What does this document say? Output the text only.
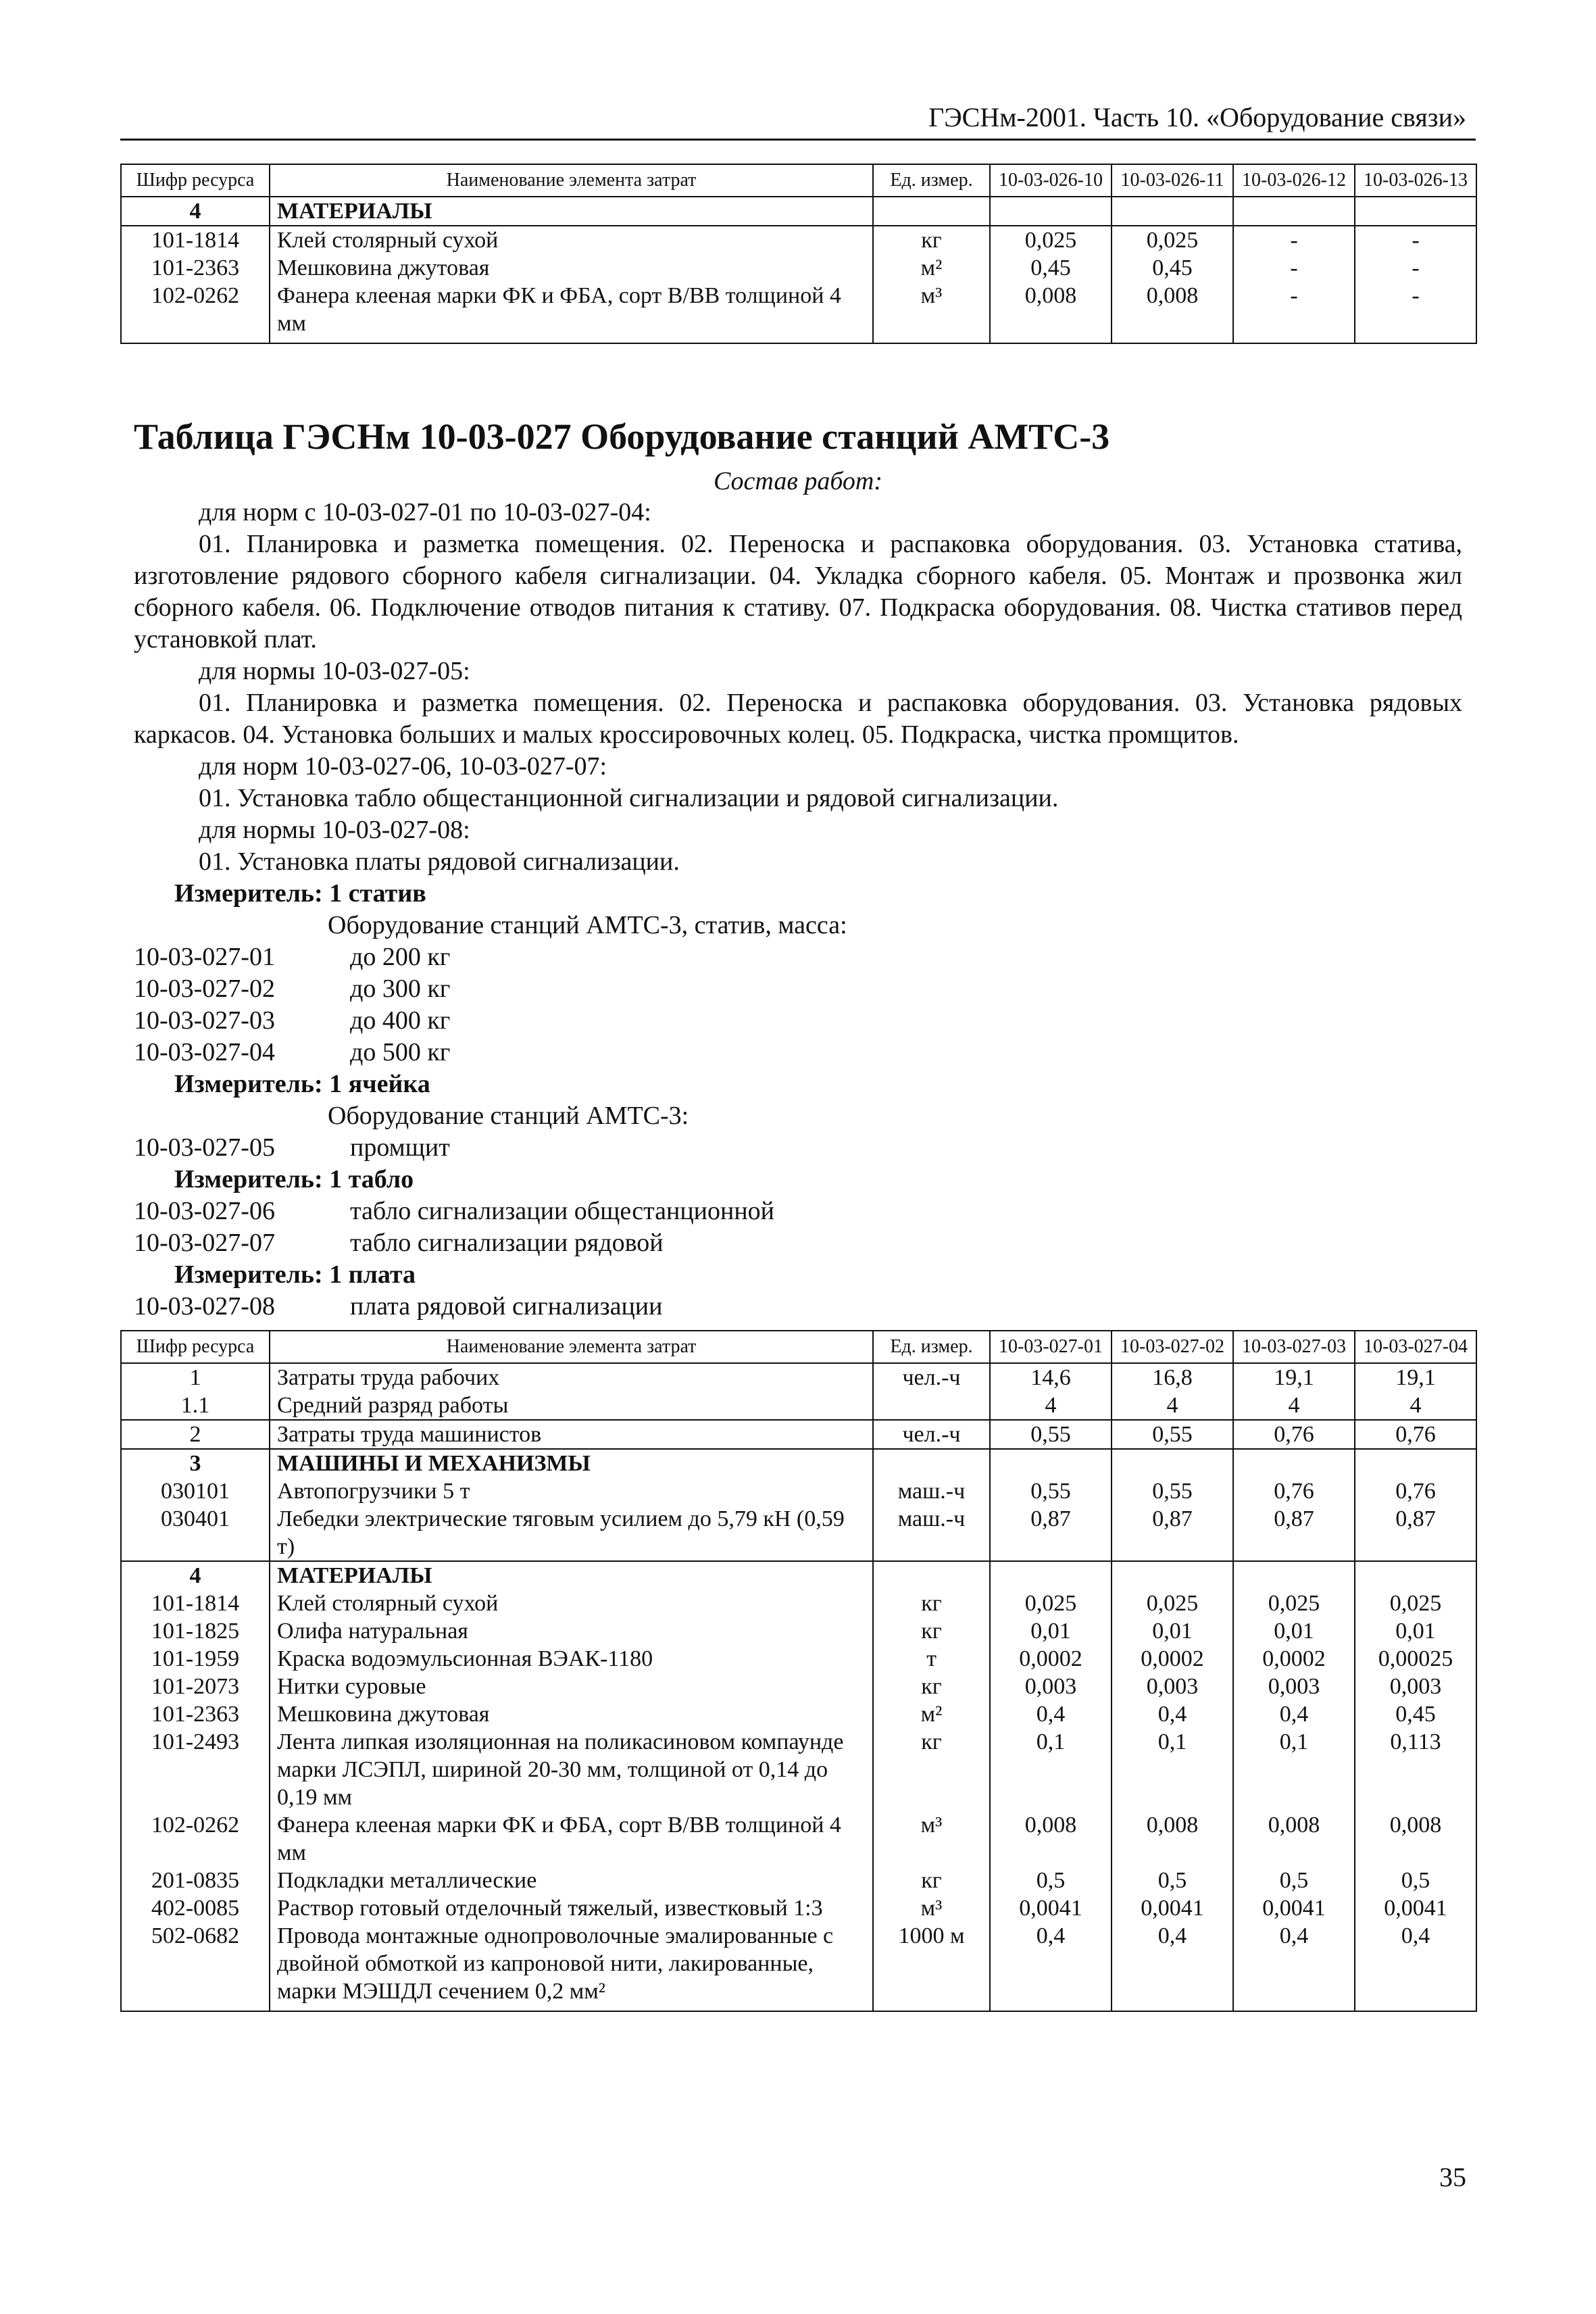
ГЭСНм-2001. Часть 10. «Оборудование связи»
Шифр ресурса	Наименование элемента затрат	Ед. измер.	10-03-026-10	10-03-026-11	10-03-026-12	10-03-026-13
4	МАТЕРИАЛЫ					
101-1814	Клей столярный сухой	кг	0,025	0,025	-	-
101-2363	Мешковина джутовая	м²	0,45	0,45	-	-
102-0262	Фанера клееная марки ФК и ФБА, сорт В/ВВ толщиной 4 мм	м³	0,008	0,008	-	-
Таблица ГЭСНм 10-03-027 Оборудование станций АМТС-3
Состав работ:

для норм с 10-03-027-01 по 10-03-027-04:

01. Планировка и разметка помещения. 02. Переноска и распаковка оборудования. 03. Установка статива, изготовление рядового сборного кабеля сигнализации. 04. Укладка сборного кабеля. 05. Монтаж и прозвонка жил сборного кабеля. 06. Подключение отводов питания к стативу. 07. Подкраска оборудования. 08. Чистка стативов перед установкой плат.

для нормы 10-03-027-05:

01. Планировка и разметка помещения. 02. Переноска и распаковка оборудования. 03. Установка рядовых каркасов. 04. Установка больших и малых кроссировочных колец. 05. Подкраска, чистка промщитов.

для норм 10-03-027-06, 10-03-027-07:

01. Установка табло общестанционной сигнализации и рядовой сигнализации.

для нормы 10-03-027-08:

01. Установка платы рядовой сигнализации.

Измеритель: 1 статив

Оборудование станций АМТС-3, статив, масса:

10-03-027-01	до 200 кг
10-03-027-02	до 300 кг
10-03-027-03	до 400 кг
10-03-027-04	до 500 кг

Измеритель: 1 ячейка

Оборудование станций АМТС-3:

10-03-027-05	промщит

Измеритель: 1 табло

10-03-027-06	табло сигнализации общестанционной
10-03-027-07	табло сигнализации рядовой

Измеритель: 1 плата

10-03-027-08	плата рядовой сигнализации
Шифр ресурса	Наименование элемента затрат	Ед. измер.	10-03-027-01	10-03-027-02	10-03-027-03	10-03-027-04
1	Затраты труда рабочих	чел.-ч	14,6	16,8	19,1	19,1
1.1	Средний разряд работы		4	4	4	4
2	Затраты труда машинистов	чел.-ч	0,55	0,55	0,76	0,76
3	МАШИНЫ И МЕХАНИЗМЫ					
030101	Автопогрузчики 5 т	маш.-ч	0,55	0,55	0,76	0,76
030401	Лебедки электрические тяговым усилием до 5,79 кН (0,59 т)	маш.-ч	0,87	0,87	0,87	0,87
4	МАТЕРИАЛЫ					
101-1814	Клей столярный сухой	кг	0,025	0,025	0,025	0,025
101-1825	Олифа натуральная	кг	0,01	0,01	0,01	0,01
101-1959	Краска водоэмульсионная ВЭАК-1180	т	0,0002	0,0002	0,0002	0,00025
101-2073	Нитки суровые	кг	0,003	0,003	0,003	0,003
101-2363	Мешковина джутовая	м²	0,4	0,4	0,4	0,45
101-2493	Лента липкая изоляционная на поликасиновом компаунде марки ЛСЭПЛ, шириной 20-30 мм, толщиной от 0,14 до 0,19 мм	кг	0,1	0,1	0,1	0,113
102-0262	Фанера клееная марки ФК и ФБА, сорт В/ВВ толщиной 4 мм	м³	0,008	0,008	0,008	0,008
201-0835	Подкладки металлические	кг	0,5	0,5	0,5	0,5
402-0085	Раствор готовый отделочный тяжелый, известковый 1:3	м³	0,0041	0,0041	0,0041	0,0041
502-0682	Провода монтажные однопроволочные эмалированные с двойной обмоткой из капроновой нити, лакированные, марки МЭШДЛ сечением 0,2 мм²	1000 м	0,4	0,4	0,4	0,4
35
